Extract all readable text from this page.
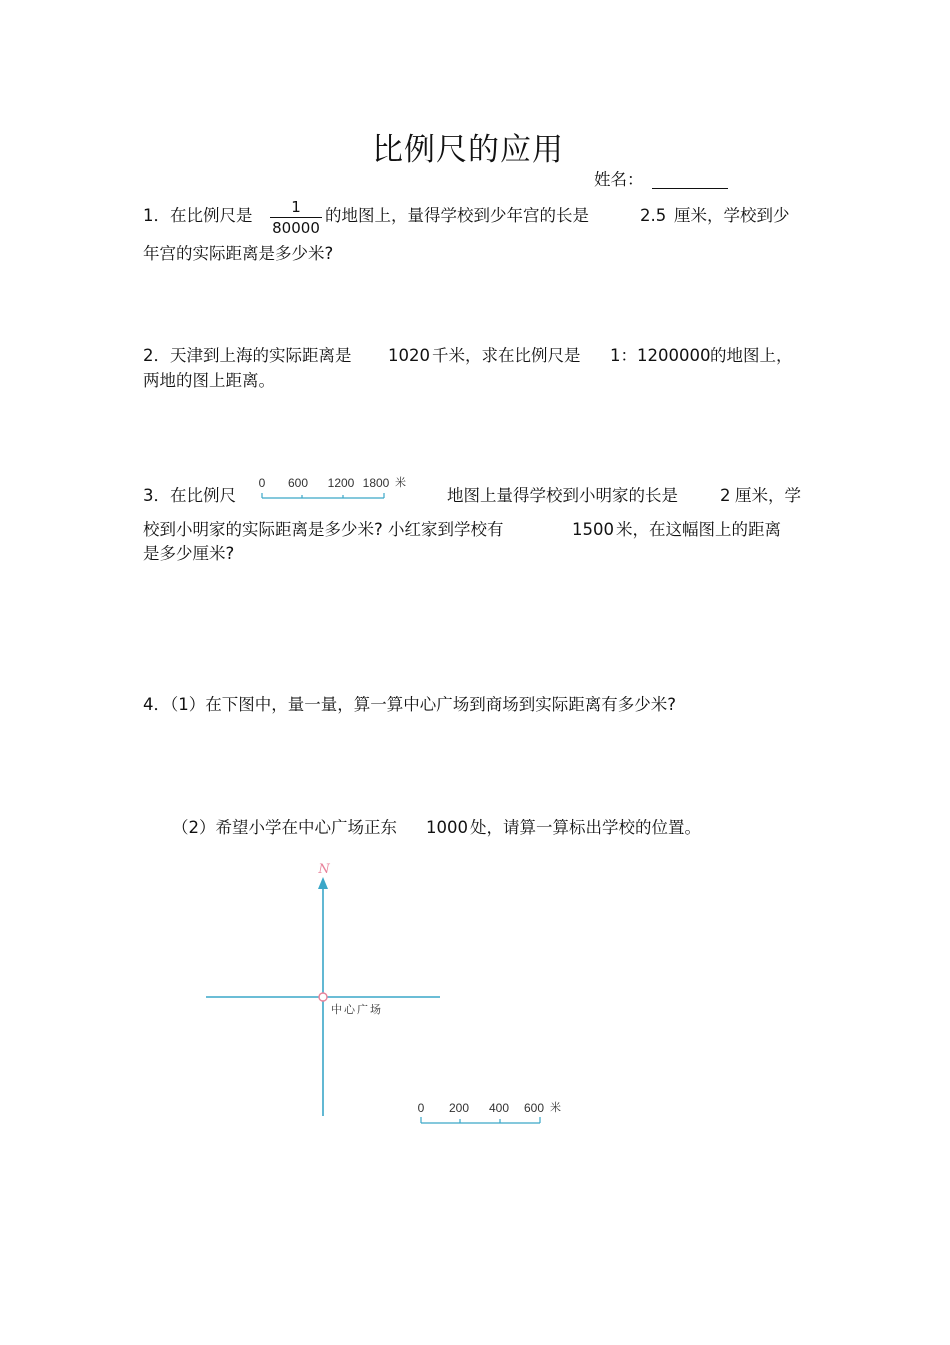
比例尺的应用
姓名：
1．在比例尺是	1
80000
的地图上，量得学校到少年宫的长是	2.5 厘米，学校到少
年宫的实际距离是多少米?
2．天津到上海的实际距离是 1020 千米，求在比例尺是 1：1200000 的地图上，
两地的图上距离。
3．在比例尺
0 600 1200 1800 米
地图上量得学校到小明家的长是	2 厘米，学
校到小明家的实际距离是多少米? 小红家到学校有	1500 米，在这幅图上的距离
是多少厘米?
4．（1）在下图中，量一量，算一算中心广场到商场到实际距离有多少米?
（2）希望小学在中心广场正东 1000 处，请算一算标出学校的位置。
N
中心广场
0 200 400 600 米
